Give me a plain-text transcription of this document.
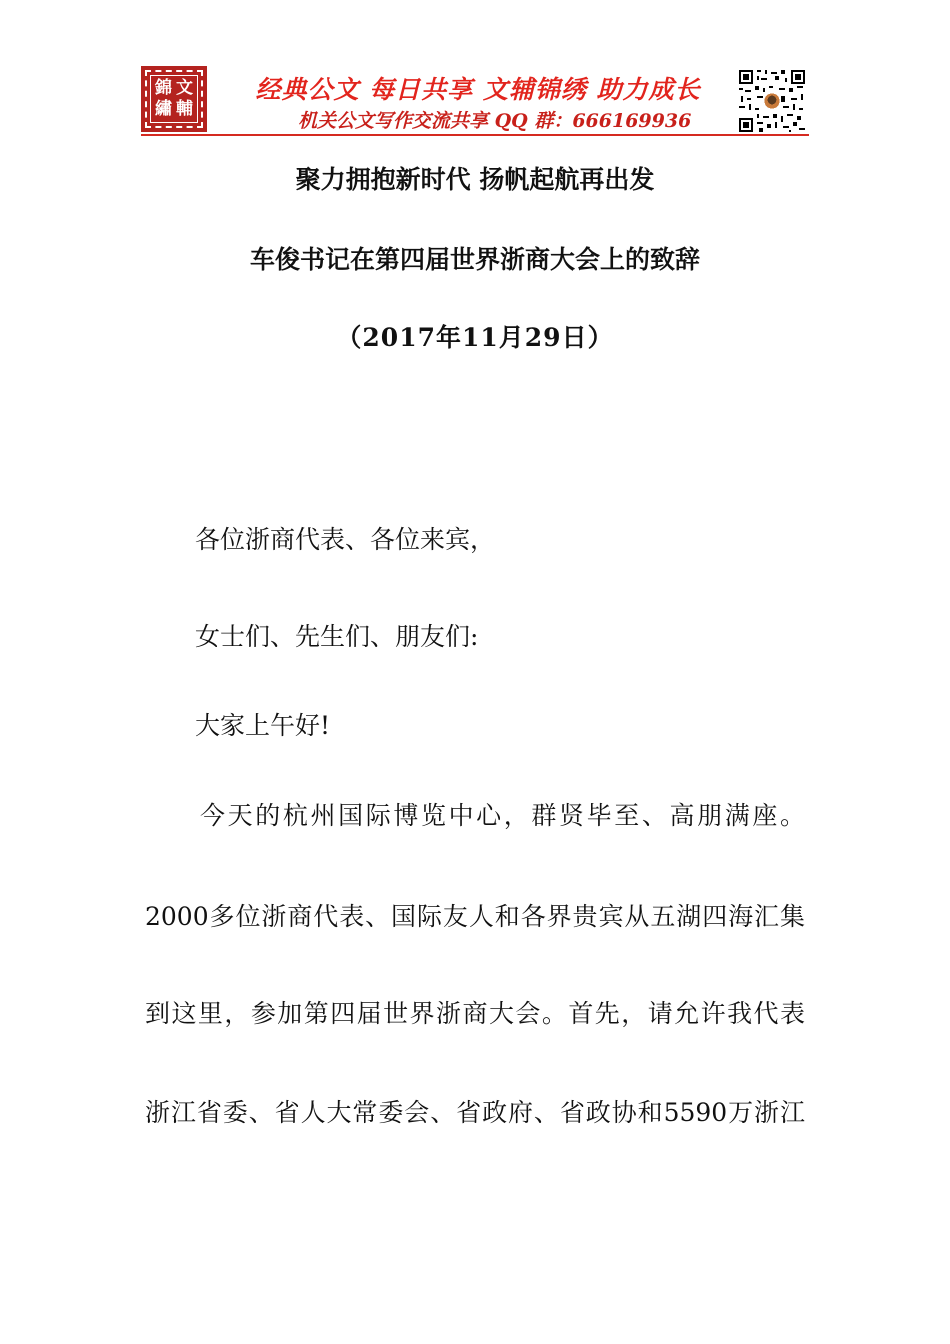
錦 文
繡 輔
经典公文 每日共享 文辅锦绣 助力成长
机关公文写作交流共享 QQ 群：666169936
聚力拥抱新时代 扬帆起航再出发
车俊书记在第四届世界浙商大会上的致辞
（2017年11月29日）
各位浙商代表、各位来宾，
女士们、先生们、朋友们:
大家上午好!
今天的杭州国际博览中心，群贤毕至、高朋满座。
2000多位浙商代表、国际友人和各界贵宾从五湖四海汇集
到这里，参加第四届世界浙商大会。首先，请允许我代表
浙江省委、省人大常委会、省政府、省政协和5590万浙江
